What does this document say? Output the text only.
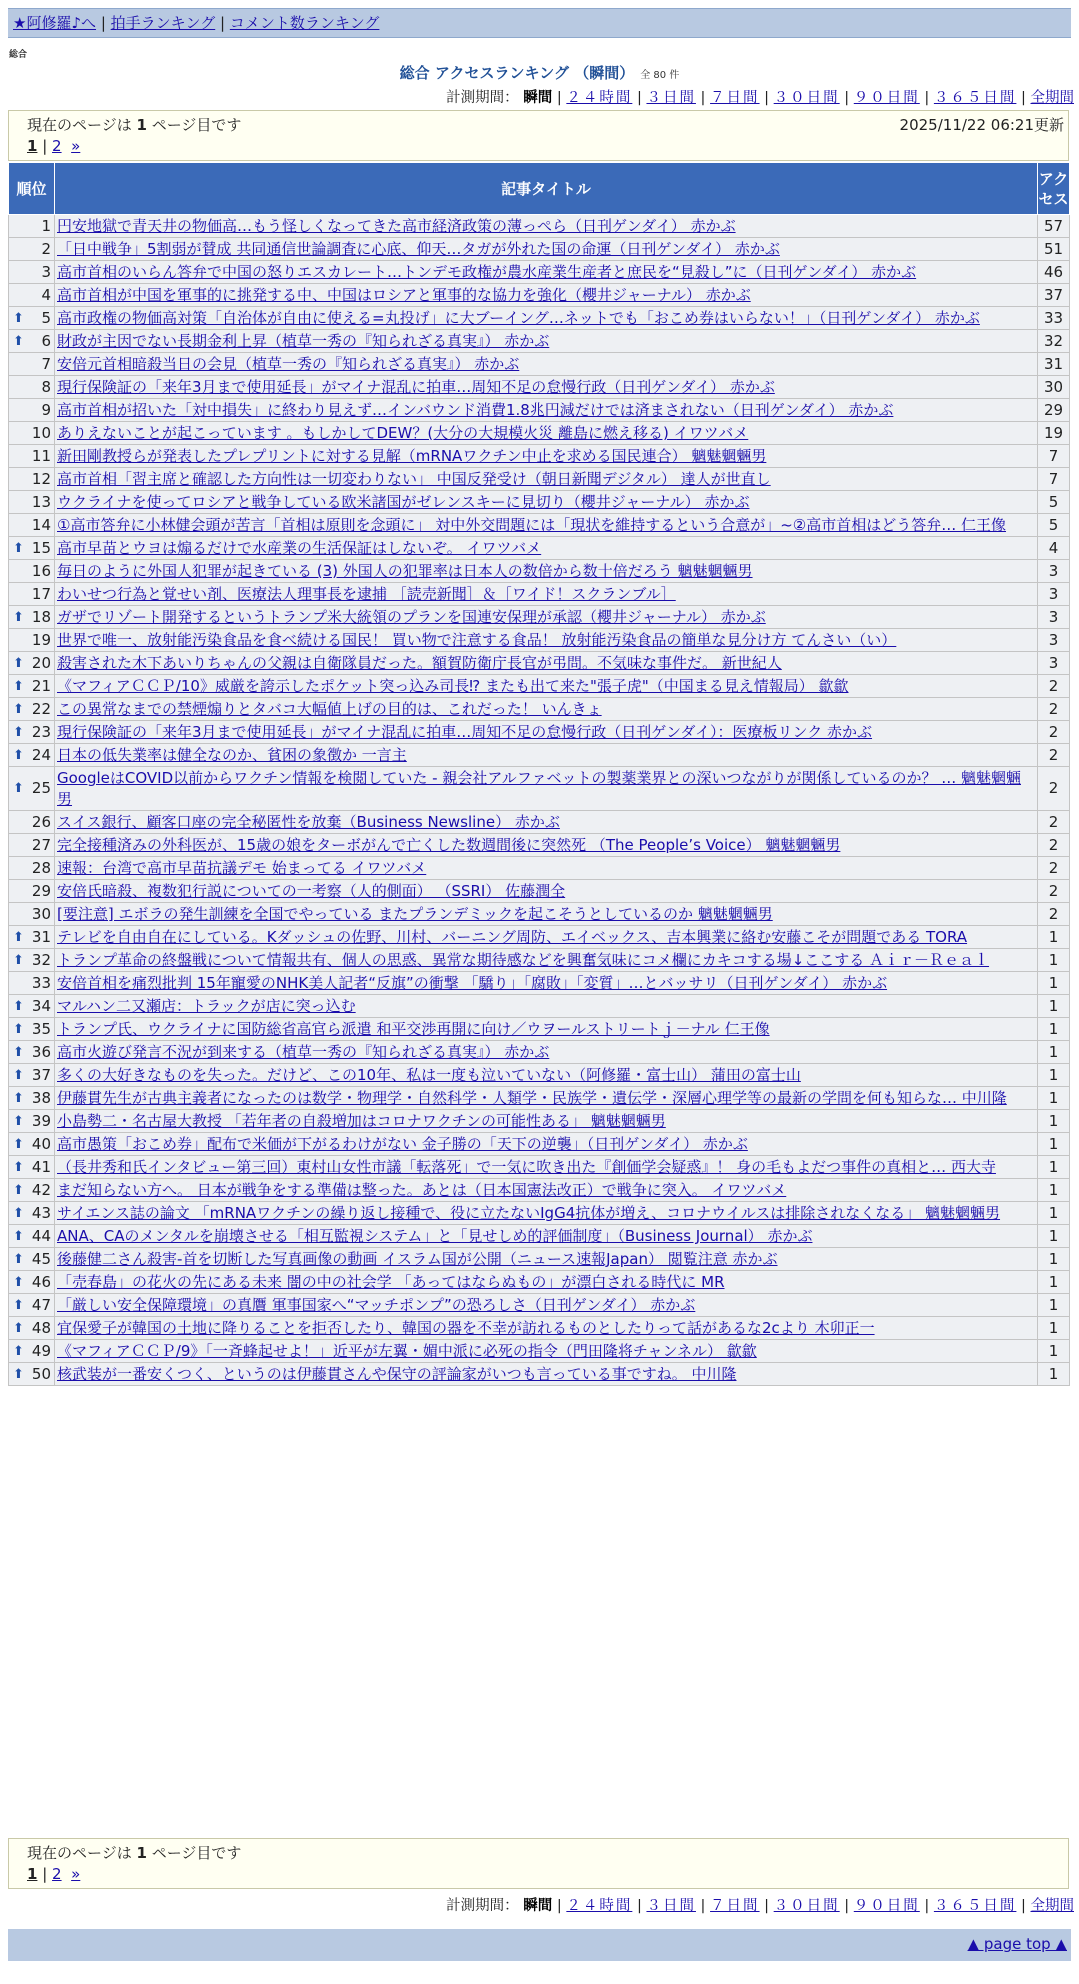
★阿修羅♪へ | 拍手ランキング | コメント数ランキング
総合
総合 アクセスランキング （瞬間） 全 80 件
計測期間： 瞬間 | ２４時間 | ３日間 | ７日間 | ３０日間 | ９０日間 | ３６５日間 | 全期間
現在のページは 1 ページ目です	2025/11/22 06:21更新
1 | 2 »
順位	記事タイトル	アクセス
1	円安地獄で青天井の物価高…もう怪しくなってきた高市経済政策の薄っぺら（日刊ゲンダイ） 赤かぶ	57
2	「日中戦争」5割弱が賛成 共同通信世論調査に心底、仰天…タガが外れた国の命運（日刊ゲンダイ） 赤かぶ	51
3	高市首相のいらん答弁で中国の怒りエスカレート…トンデモ政権が農水産業生産者と庶民を“見殺し”に（日刊ゲンダイ） 赤かぶ	46
4	高市首相が中国を軍事的に挑発する中、中国はロシアと軍事的な協力を強化（櫻井ジャーナル） 赤かぶ	37

⬆ 5	高市政権の物価高対策「自治体が自由に使える=丸投げ」に大ブーイング…ネットでも「おこめ券はいらない！」（日刊ゲンダイ） 赤かぶ	33

⬆ 6	財政が主因でない長期金利上昇（植草一秀の『知られざる真実』） 赤かぶ	32
7	安倍元首相暗殺当日の会見（植草一秀の『知られざる真実』） 赤かぶ	31
8	現行保険証の「来年3月まで使用延長」がマイナ混乱に拍車…周知不足の怠慢行政（日刊ゲンダイ） 赤かぶ	30
9	高市首相が招いた「対中損失」に終わり見えず…インバウンド消費1.8兆円減だけでは済まされない（日刊ゲンダイ） 赤かぶ	29
10	ありえないことが起こっています 。もしかしてDEW？(大分の大規模火災 離島に燃え移る) イワツバメ	19
11	新田剛教授らが発表したプレプリントに対する見解（mRNAワクチン中止を求める国民連合） 魑魅魍魎男	7
12	高市首相「習主席と確認した方向性は一切変わりない」 中国反発受け（朝日新聞デジタル） 達人が世直し	7
13	ウクライナを使ってロシアと戦争している欧米諸国がゼレンスキーに見切り（櫻井ジャーナル） 赤かぶ	5
14	①高市答弁に小林健会頭が苦言「首相は原則を念頭に」 対中外交問題には「現状を維持するという合意が」~②高市首相はどう答弁… 仁王像	5

⬆ 15	高市早苗とウヨは煽るだけで水産業の生活保証はしないぞ。 イワツバメ	4
16	毎日のように外国人犯罪が起きている (3) 外国人の犯罪率は日本人の数倍から数十倍だろう 魑魅魍魎男	3
17	わいせつ行為と覚せい剤、医療法人理事長を逮捕 ［読売新聞］＆［ワイド！スクランブル］	3

⬆ 18	ガザでリゾート開発するというトランプ米大統領のプランを国連安保理が承認（櫻井ジャーナル） 赤かぶ	3
19	世界で唯一、放射能汚染食品を食べ続ける国民！ 買い物で注意する食品！ 放射能汚染食品の簡単な見分け方 てんさい（い）	3

⬆ 20	殺害された木下あいりちゃんの父親は自衛隊員だった。額賀防衛庁長官が弔問。不気味な事件だ。 新世紀人	3

⬆ 21	《マフィアＣＣＰ/10》威厳を誇示したポケット突っ込み司長⁉ またも出て来た"張子虎"（中国まる見え情報局） 歙歙	2

⬆ 22	この異常なまでの禁煙煽りとタバコ大幅値上げの目的は、これだった！ いんきょ	2

⬆ 23	現行保険証の「来年3月まで使用延長」がマイナ混乱に拍車…周知不足の怠慢行政（日刊ゲンダイ）：医療板リンク 赤かぶ	2

⬆ 24	日本の低失業率は健全なのか、貧困の象徴か 一言主	2

⬆ 25	GoogleはCOVID以前からワクチン情報を検閲していた - 親会社アルファベットの製薬業界との深いつながりが関係しているのか？ … 魑魅魍魎男	2
26	スイス銀行、顧客口座の完全秘匿性を放棄（Business Newsline） 赤かぶ	2
27	完全接種済みの外科医が、15歳の娘をターボがんで亡くした数週間後に突然死 （The People’s Voice） 魑魅魍魎男	2
28	速報：台湾で高市早苗抗議デモ 始まってる イワツバメ	2
29	安倍氏暗殺、複数犯行説についての一考察（人的側面） （SSRI） 佐藤潤全	2
30	[要注意] エボラの発生訓練を全国でやっている またプランデミックを起こそうとしているのか 魑魅魍魎男	2

⬆ 31	テレビを自由自在にしている。Kダッシュの佐野、川村、バーニング周防、エイベックス、吉本興業に絡む安藤こそが問題である TORA	1

⬆ 32	トランプ革命の終盤戦について情報共有、個人の思惑、異常な期待感などを興奮気味にコメ欄にカキコする場↓ここする Ａｉｒ－Ｒｅａｌ	1
33	安倍首相を痛烈批判 15年寵愛のNHK美人記者“反旗”の衝撃 「驕り」「腐敗」「変質」…とバッサリ（日刊ゲンダイ） 赤かぶ	1

⬆ 34	マルハン二又瀬店：トラックが店に突っ込む	1

⬆ 35	トランプ氏、ウクライナに国防総省高官ら派遣 和平交渉再開に向け／ウヲールストリートｊ－ナル 仁王像	1

⬆ 36	高市火遊び発言不況が到来する（植草一秀の『知られざる真実』） 赤かぶ	1

⬆ 37	多くの大好きなものを失った。だけど、この10年、私は一度も泣いていない（阿修羅・富士山） 蒲田の富士山	1

⬆ 38	伊藤貫先生が古典主義者になったのは数学・物理学・自然科学・人類学・民族学・遺伝学・深層心理学等の最新の学問を何も知らな… 中川隆	1

⬆ 39	小島勢二・名古屋大教授 「若年者の自殺増加はコロナワクチンの可能性ある」 魑魅魍魎男	1

⬆ 40	高市愚策「おこめ券」配布で米価が下がるわけがない 金子勝の「天下の逆襲」（日刊ゲンダイ） 赤かぶ	1

⬆ 41	（長井秀和氏インタビュー第三回）東村山女性市議「転落死」で一気に吹き出た『創価学会疑惑』！ 身の毛もよだつ事件の真相と… 西大寺	1

⬆ 42	まだ知らない方へ。 日本が戦争をする準備は整った。あとは（日本国憲法改正）で戦争に突入。 イワツバメ	1

⬆ 43	サイエンス誌の論文 「mRNAワクチンの繰り返し接種で、役に立たないIgG4抗体が増え、コロナウイルスは排除されなくなる」 魑魅魍魎男	1

⬆ 44	ANA、CAのメンタルを崩壊させる「相互監視システム」と「見せしめ的評価制度」（Business Journal） 赤かぶ	1

⬆ 45	後藤健二さん殺害-首を切断した写真画像の動画 イスラム国が公開（ニュース速報Japan） 閲覧注意 赤かぶ	1

⬆ 46	「売春島」の花火の先にある未来 闇の中の社会学 「あってはならぬもの」が漂白される時代に MR	1

⬆ 47	「厳しい安全保障環境」の真贋 軍事国家へ“マッチポンプ”の恐ろしさ（日刊ゲンダイ） 赤かぶ	1

⬆ 48	宜保愛子が韓国の土地に降りることを拒否したり、韓国の器を不幸が訪れるものとしたりって話があるな2cより 木卯正一	1

⬆ 49	《マフィアＣＣＰ/9》「一斉蜂起せよ！」近平が左翼・媚中派に必死の指令（門田隆将チャンネル） 歙歙	1

⬆ 50	核武装が一番安くつく、というのは伊藤貫さんや保守の評論家がいつも言っている事ですね。 中川隆	1
現在のページは 1 ページ目です
1 | 2 »
計測期間： 瞬間 | ２４時間 | ３日間 | ７日間 | ３０日間 | ９０日間 | ３６５日間 | 全期間
▲ page top ▲
